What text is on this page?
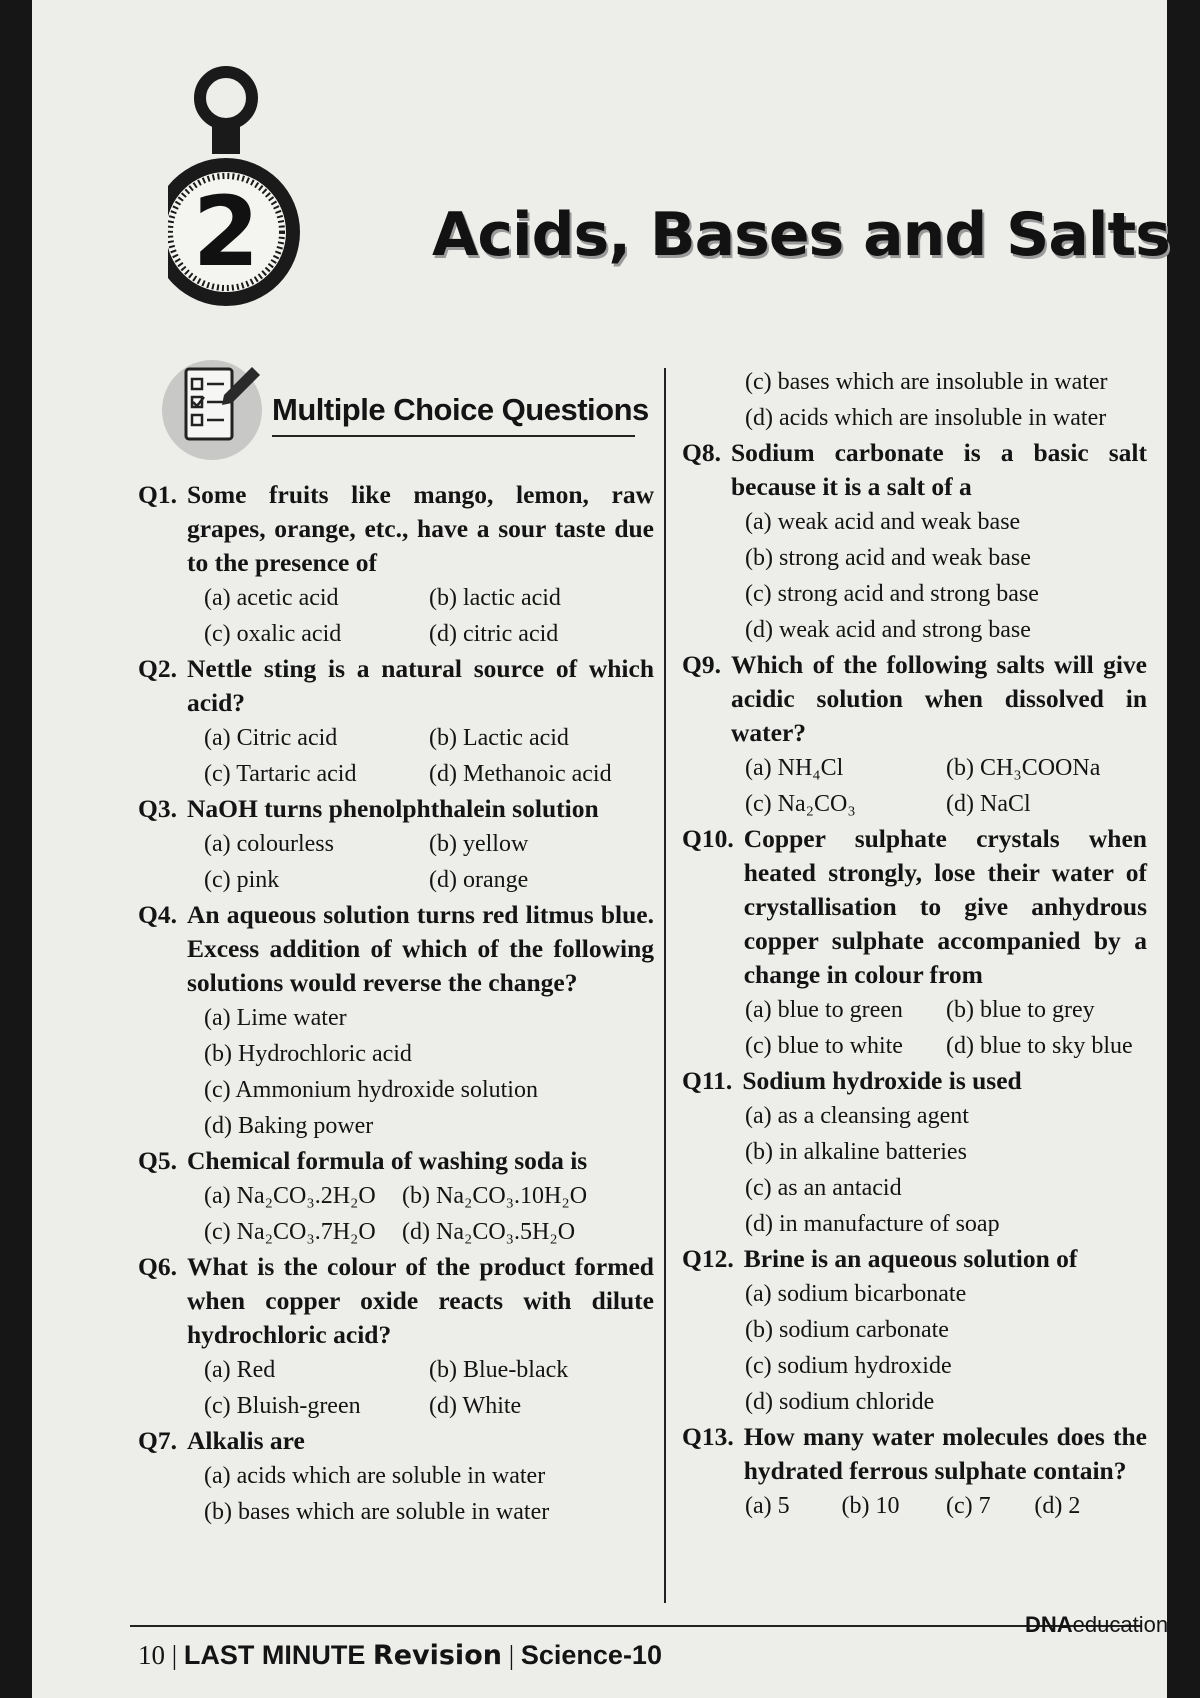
2	Acids, Bases and Salts
Multiple Choice Questions
Q1. Some fruits like mango, lemon, raw grapes, orange, etc., have a sour taste due to the presence of
(a) acetic acid	(b) lactic acid
(c) oxalic acid	(d) citric acid
Q2. Nettle sting is a natural source of which acid?
(a) Citric acid	(b) Lactic acid
(c) Tartaric acid	(d) Methanoic acid
Q3. NaOH turns phenolphthalein solution
(a) colourless	(b) yellow
(c) pink	(d) orange
Q4. An aqueous solution turns red litmus blue. Excess addition of which of the following solutions would reverse the change?
(a) Lime water
(b) Hydrochloric acid
(c) Ammonium hydroxide solution
(d) Baking power
Q5. Chemical formula of washing soda is
(a) Na₂CO₃.2H₂O	(b) Na₂CO₃.10H₂O
(c) Na₂CO₃.7H₂O	(d) Na₂CO₃.5H₂O
Q6. What is the colour of the product formed when copper oxide reacts with dilute hydrochloric acid?
(a) Red	(b) Blue-black
(c) Bluish-green	(d) White
Q7. Alkalis are
(a) acids which are soluble in water
(b) bases which are soluble in water
(c) bases which are insoluble in water
(d) acids which are insoluble in water
Q8. Sodium carbonate is a basic salt because it is a salt of a
(a) weak acid and weak base
(b) strong acid and weak base
(c) strong acid and strong base
(d) weak acid and strong base
Q9. Which of the following salts will give acidic solution when dissolved in water?
(a) NH₄Cl	(b) CH₃COONa
(c) Na₂CO₃	(d) NaCl
Q10. Copper sulphate crystals when heated strongly, lose their water of crystallisation to give anhydrous copper sulphate accompanied by a change in colour from
(a) blue to green	(b) blue to grey
(c) blue to white	(d) blue to sky blue
Q11. Sodium hydroxide is used
(a) as a cleansing agent
(b) in alkaline batteries
(c) as an antacid
(d) in manufacture of soap
Q12. Brine is an aqueous solution of
(a) sodium bicarbonate
(b) sodium carbonate
(c) sodium hydroxide
(d) sodium chloride
Q13. How many water molecules does the hydrated ferrous sulphate contain?
(a) 5	(b) 10	(c) 7	(d) 2
10 | LAST MINUTE Revision | Science-10
DNAeducation
